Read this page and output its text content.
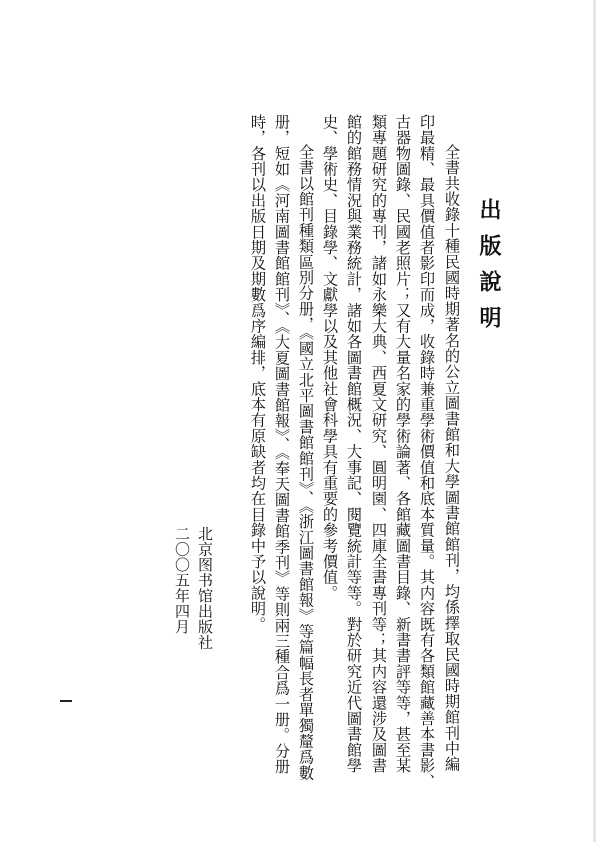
出版說明
全書共收錄十種民國時期著名的公立圖書館和大學圖書館館刊，均係擇取民國時期館刊中編
印最精、最具價值者影印而成，收錄時兼重學術價值和底本質量。其内容既有各類館藏善本書影、
古器物圖錄、民國老照片；又有大量名家的學術論著、各館藏圖書目錄、新書書評等等，甚至某
類專題研究的專刊，諸如永樂大典、西夏文研究、圓明園、四庫全書專刊等；其内容還涉及圖書
館的館務情況與業務統計，諸如各圖書館概況、大事記、閱覽統計等等。對於研究近代圖書館學
史、學術史、目錄學、文獻學以及其他社會科學具有重要的參考價值。
全書以館刊種類區別分册，《國立北平圖書館館刊》、《浙江圖書館報》等篇幅長者單獨釐爲數
册，短如《河南圖書館館刊》、《大夏圖書館報》、《奉天圖書館季刊》等則兩三種合爲一册。分册
時，各刊以出版日期及期數爲序編排，底本有原缺者均在目錄中予以說明。
北京图书馆出版社
二〇〇五年四月
